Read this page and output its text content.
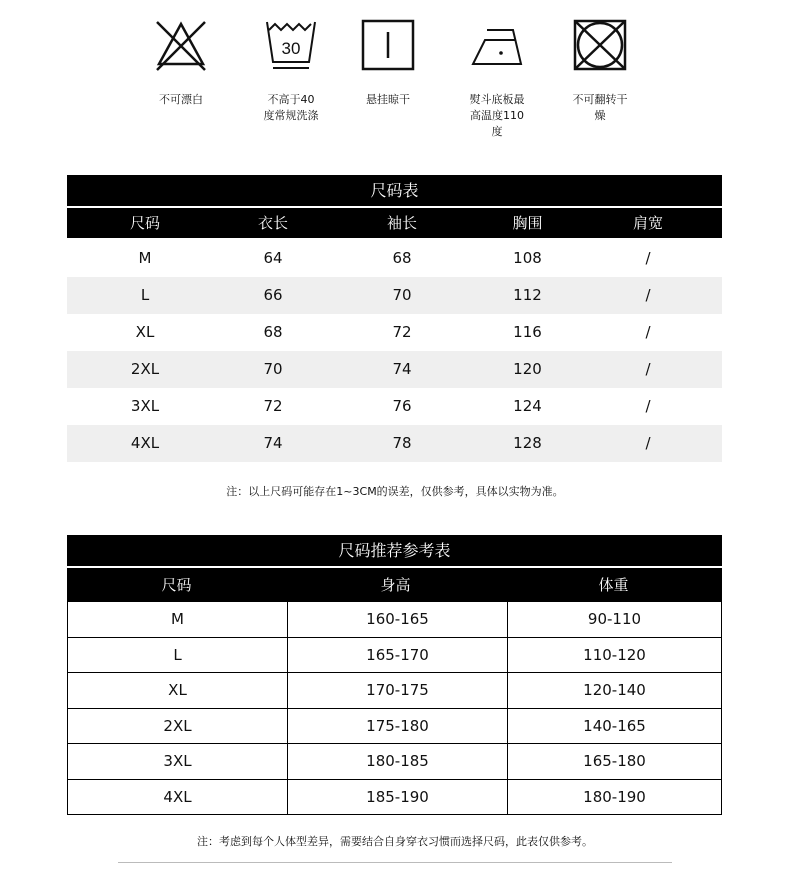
不可漂白
30
不高于40
度常规洗涤
悬挂晾干	熨斗底板最
高温度110
度
不可翻转干
燥
尺码表
尺码	衣长	袖长	胸围	肩宽
M	64	68	108	/
L	66	70	112	/
XL	68	72	116	/
2XL	70	74	120	/
3XL	72	76	124	/
4XL	74	78	128	/
注：以上尺码可能存在1~3CM的误差，仅供参考，具体以实物为准。
尺码推荐参考表
尺码	身高	体重
M	160-165	90-110
L	165-170	110-120
XL	170-175	120-140
2XL	175-180	140-165
3XL	180-185	165-180
4XL	185-190	180-190
注：考虑到每个人体型差异，需要结合自身穿衣习惯而选择尺码，此表仅供参考。
